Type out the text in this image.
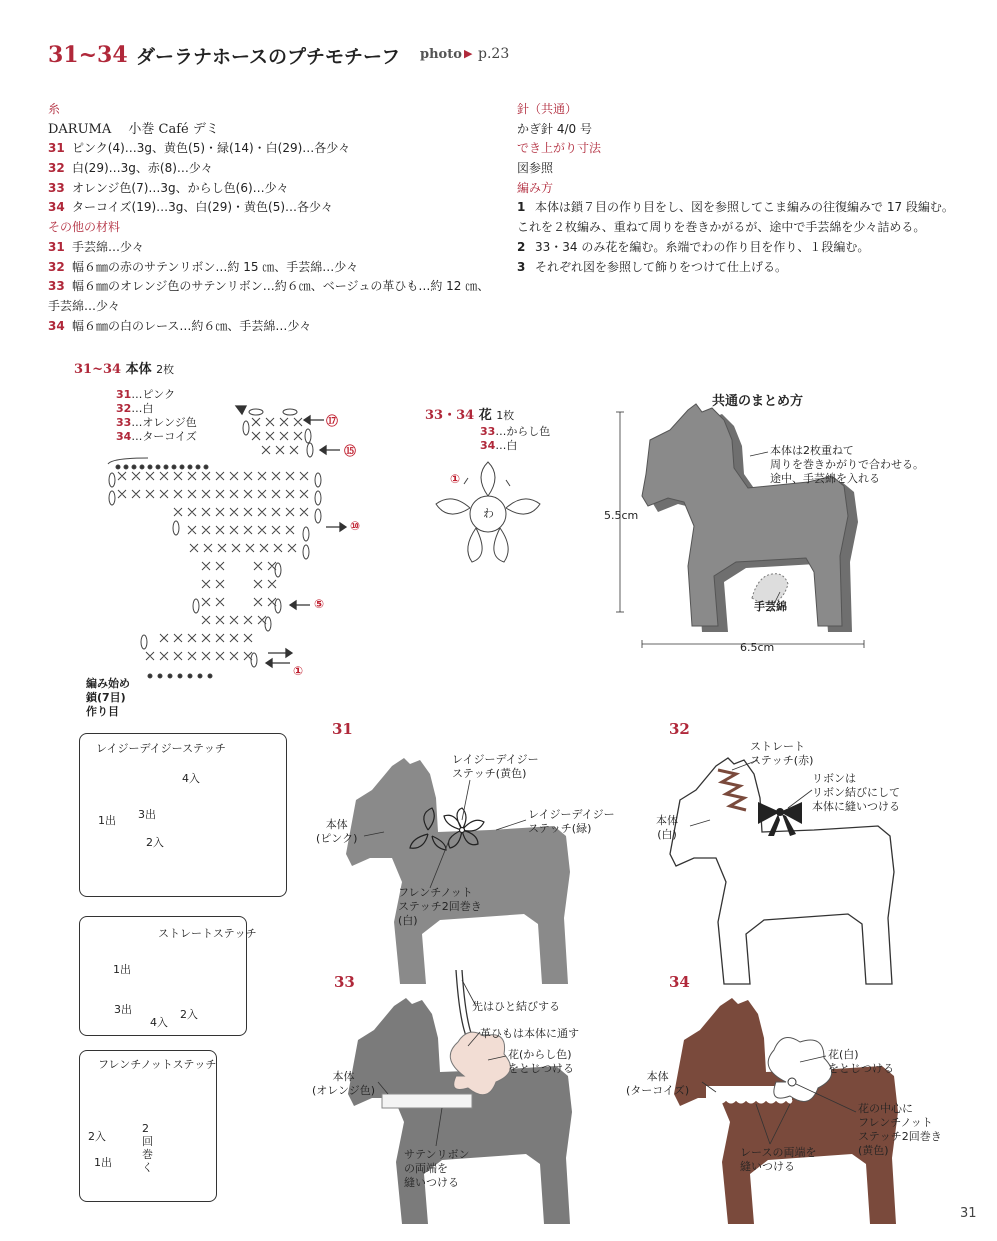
31~34 ダーラナホースのプチモチーフ photo ▶ p.23
糸
DARUMA　 小巻 Café デミ
31 ピンク(4)…3g、黄色(5)・緑(14)・白(29)…各少々
32 白(29)…3g、赤(8)…少々
33 オレンジ色(7)…3g、からし色(6)…少々
34 ターコイズ(19)…3g、白(29)・黄色(5)…各少々
その他の材料
31 手芸綿…少々
32 幅６㎜の赤のサテンリボン…約 15 ㎝、手芸綿…少々
33 幅６㎜のオレンジ色のサテンリボン…約６㎝、ベージュの革ひも…約 12 ㎝、
手芸綿…少々
34 幅６㎜の白のレース…約６㎝、手芸綿…少々
針（共通）
かぎ針 4/0 号
でき上がり寸法
図参照
編み方
1 本体は鎖７目の作り目をし、図を参照してこま編みの往復編みで 17 段編む。
これを２枚編み、重ねて周りを巻きかがるが、途中で手芸綿を少々詰める。
2 33・34 のみ花を編む。糸端でわの作り目を作り、１段編む。
3 それぞれ図を参照して飾りをつけて仕上げる。
31~34 本体 2枚
31…ピンク
32…白
33…オレンジ色
34…ターコイズ
⑰
⑮
⑩
⑤
①
編み始め
鎖(7目)
作り目
33・34 花 1枚
33…からし色
34…白
①
わ
共通のまとめ方
本体は2枚重ねて
周りを巻きかがりで合わせる。
途中、手芸綿を入れる
手芸綿
5.5cm
6.5cm
レイジーデイジーステッチ
4入
1出 3出
2入
ストレートステッチ
1出
3出	2入
4入
フレンチノットステッチ
2入
1出
2回巻く
31
本体
(ピンク)
レイジーデイジー
ステッチ(黄色)
レイジーデイジー
ステッチ(緑)
フレンチノット
ステッチ2回巻き
(白)
32
ストレート
ステッチ(赤)
リボンは
リボン結びにして
本体に縫いつける
本体
(白)
33
先はひと結びする
革ひもは本体に通す
花(からし色)
をとじつける
本体
(オレンジ色)
サテンリボン
の両端を
縫いつける
34
花(白)
をとじつける
本体
(ターコイズ)
花の中心に
フレンチノット
ステッチ2回巻き
(黄色)
レースの両端を
縫いつける
31
